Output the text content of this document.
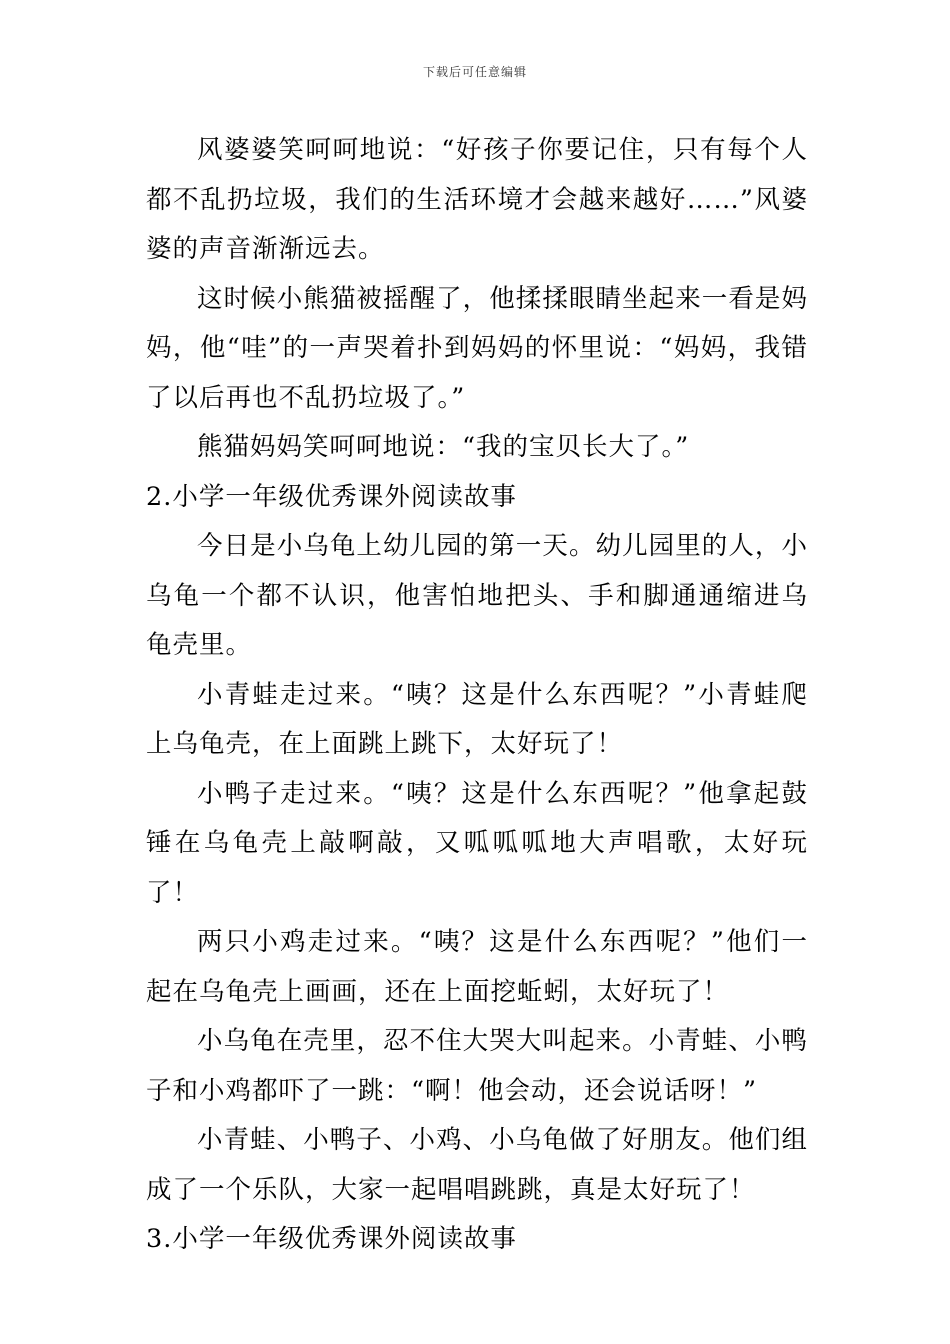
下载后可任意编辑

风婆婆笑呵呵地说：“好孩子你要记住，只有每个人都不乱扔垃圾，我们的生活环境才会越来越好……”风婆婆的声音渐渐远去。

这时候小熊猫被摇醒了，他揉揉眼睛坐起来一看是妈妈，他“哇”的一声哭着扑到妈妈的怀里说：“妈妈，我错了以后再也不乱扔垃圾了。”

熊猫妈妈笑呵呵地说：“我的宝贝长大了。”

2.小学一年级优秀课外阅读故事

今日是小乌龟上幼儿园的第一天。幼儿园里的人，小乌龟一个都不认识，他害怕地把头、手和脚通通缩进乌龟壳里。

小青蛙走过来。“咦？这是什么东西呢？”小青蛙爬上乌龟壳，在上面跳上跳下，太好玩了！

小鸭子走过来。“咦？这是什么东西呢？”他拿起鼓锤在乌龟壳上敲啊敲，又呱呱呱地大声唱歌，太好玩了！

两只小鸡走过来。“咦？这是什么东西呢？”他们一起在乌龟壳上画画，还在上面挖蚯蚓，太好玩了！

小乌龟在壳里，忍不住大哭大叫起来。小青蛙、小鸭子和小鸡都吓了一跳：“啊！他会动，还会说话呀！”

小青蛙、小鸭子、小鸡、小乌龟做了好朋友。他们组成了一个乐队，大家一起唱唱跳跳，真是太好玩了！

3.小学一年级优秀课外阅读故事
